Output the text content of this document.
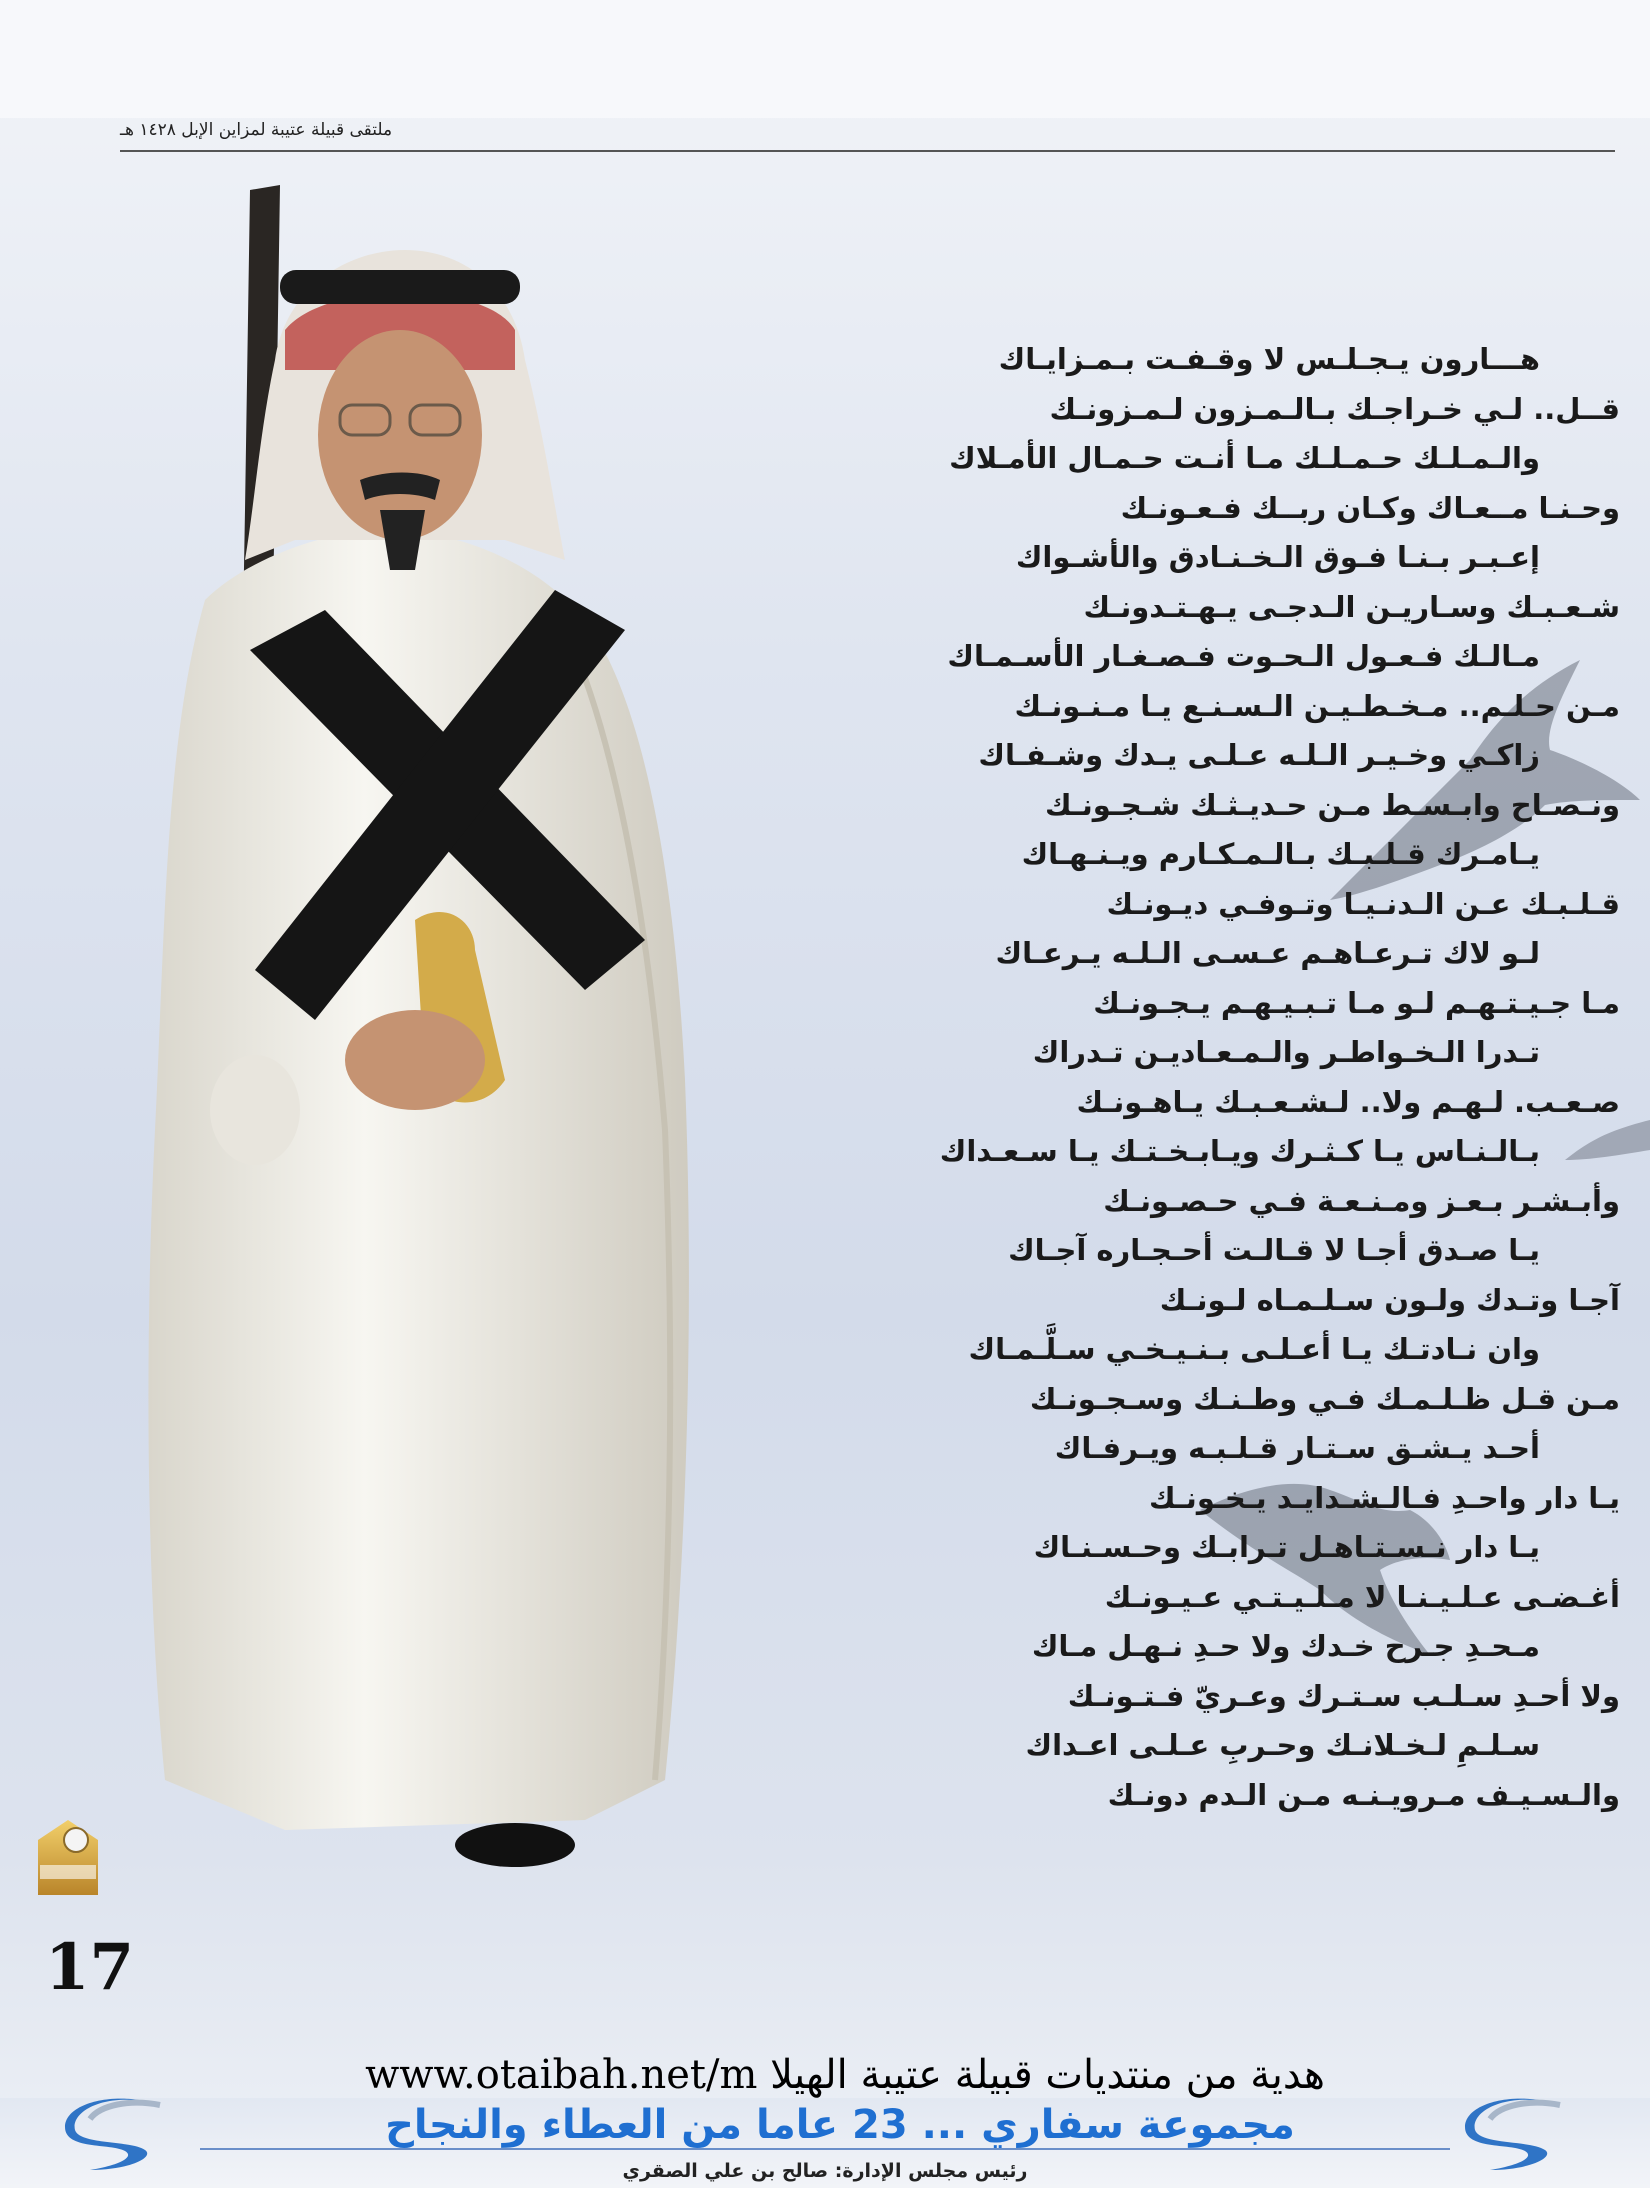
ملتقى قبيلة عتيبة لمزاين الإبل ١٤٢٨ هـ
هـــارون يـجـلـس لا وقـفـت بـمـزايـاك
قــل.. لـي خـراجـك بـالـمـزون لـمـزونـك
والـمـلـك حـمـلـك مـا أنـت حـمـال الأمـلاك
وحـنـا مــعـاك وكـان ربــك فـعـونـك
إعـبـر بـنـا فـوق الـخـنـادق والأشـواك
شـعـبـك وسـاريـن الـدجـى يـهـتـدونـك
مـالـك فـعـول الـحـوت فـصـغـار الأسـمـاك
مـن حـلـم.. مـخـطـيـن الـسـنـع يـا مـنـونـك
زاكـي وخـيـر الـلـه عـلـى يـدك وشـفـاك
ونـصـاح وابـسـط مـن حـديـثـك شـجـونـك
يـامـرك قـلـبـك بـالـمـكـارم ويـنـهـاك
قـلـبـك عـن الـدنـيـا وتـوفـي ديـونـك
لـو لاك تـرعـاهـم عـسـى الـلـه يـرعـاك
مـا جـيـتـهـم لـو مـا تـبـيـهـم يـجـونـك
تـدرا الـخـواطـر والـمـعـاديـن تـدراك
صـعـب. لـهـم ولا.. لـشـعـبـك يـاهـونـك
بـالـنـاس يـا كـثـرك ويـابـخـتـك يـا سـعـداك
وأبـشـر بـعـز ومـنـعـة فـي حـصـونـك
يـا صـدق أجـا لا قـالـت أحـجـاره آجـاك
آجـا وتـدك ولـون سـلـمـاه لـونـك
وان نـادتـك يـا أعـلـى بـنـيـخـي سـلَّـمـاك
مـن قـل ظـلـمـك فـي وطـنـك وسـجـونـك
أحـد يـشـق سـتـار قـلـبـه ويـرفـاك
يـا دار واحـدِ فـالـشـدايـد يـخـونـك
يـا دار نـسـتـاهـل تـرابـك وحـسـنـاك
أغـضـى عـلـيـنـا لا مـلـيـتـي عـيـونـك
مـحـدِ جـرح خـدك ولا حـدِ نـهـل مـاك
ولا أحـدِ سـلـب سـتـرك وعـريّ فـتـونـك
سـلـمِ لـخـلانـك وحـربِ عـلـى اعـداك
والـسـيـف مـرويـنـه مـن الـدم دونـك
17
www.otaibah.net/m هدية من منتديات قبيلة عتيبة الهيلا
مجموعة سفاري ... 23 عاما من العطاء والنجاح
رئيس مجلس الإدارة: صالح بن علي الصقري
